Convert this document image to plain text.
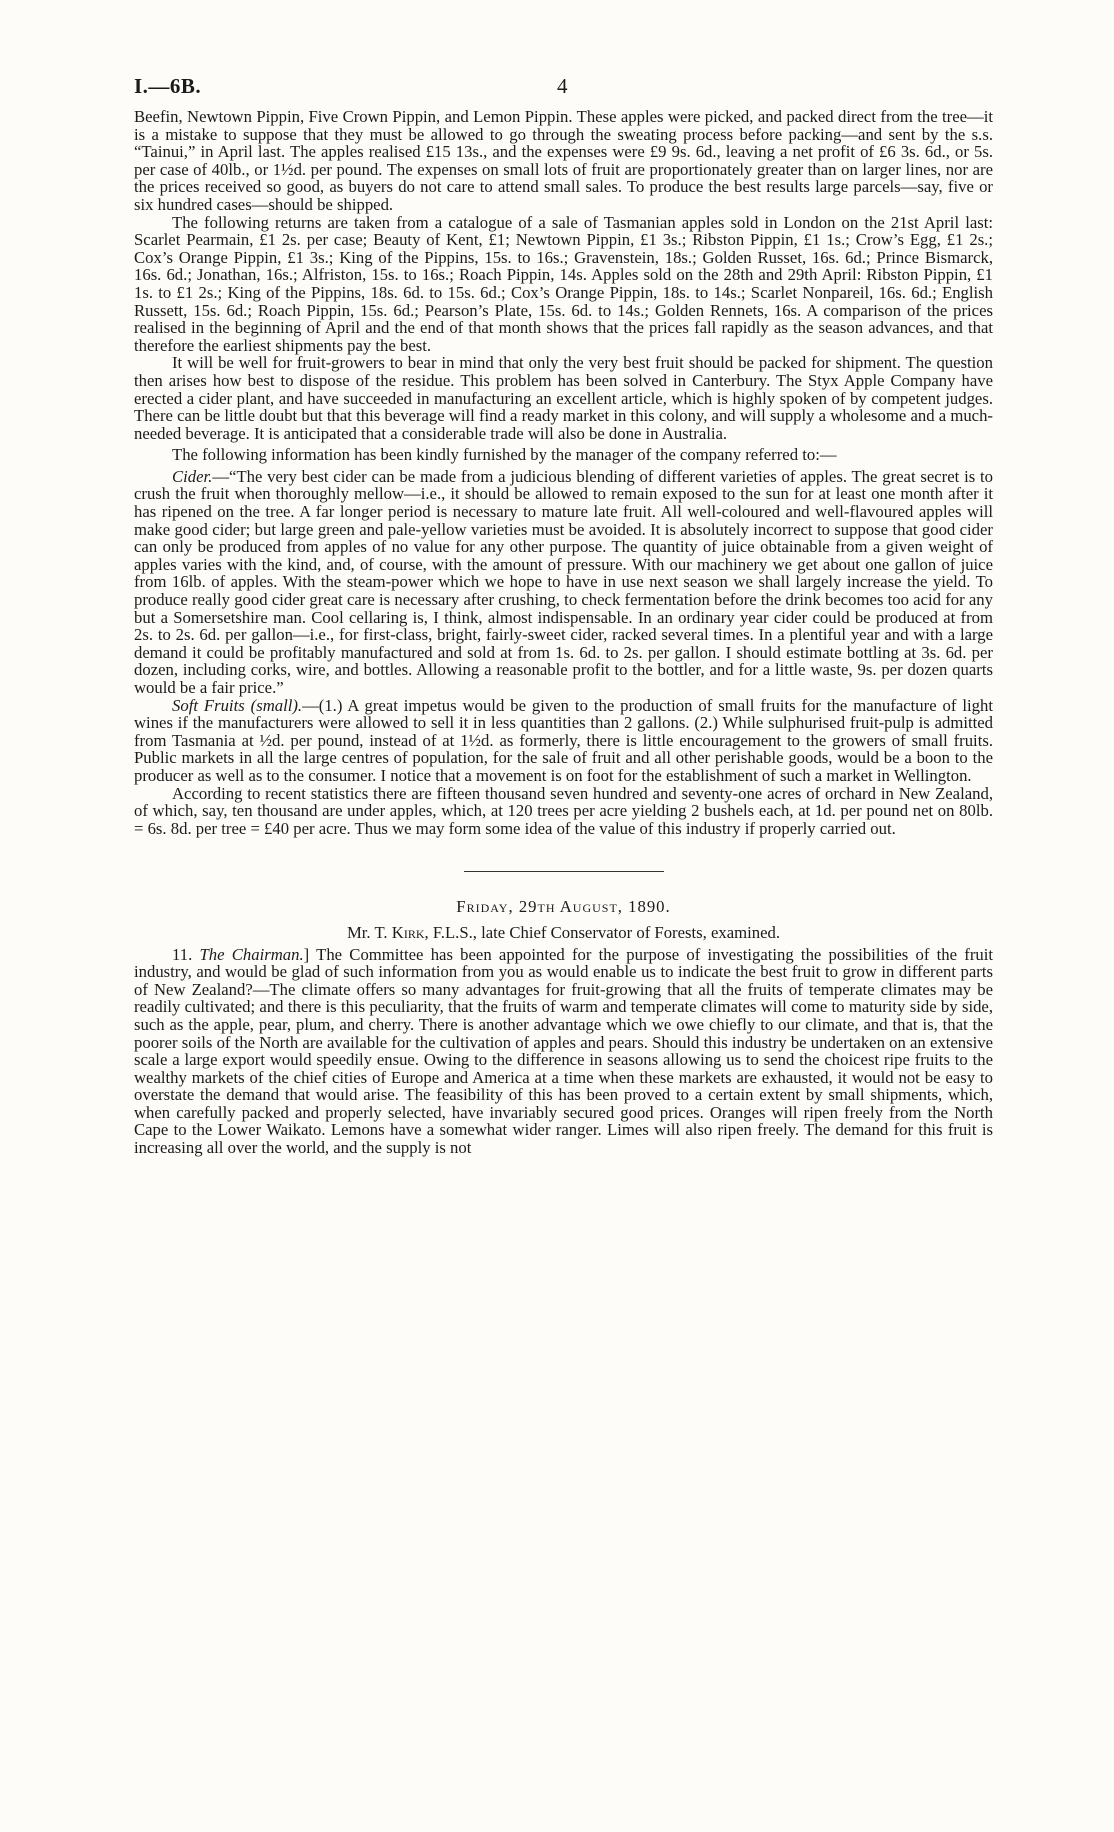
I.—6B.	4

Beefin, Newtown Pippin, Five Crown Pippin, and Lemon Pippin. These apples were picked, and packed direct from the tree—it is a mistake to suppose that they must be allowed to go through the sweating process before packing—and sent by the s.s. “Tainui,” in April last. The apples realised £15 13s., and the expenses were £9 9s. 6d., leaving a net profit of £6 3s. 6d., or 5s. per case of 40lb., or 1½d. per pound. The expenses on small lots of fruit are proportionately greater than on larger lines, nor are the prices received so good, as buyers do not care to attend small sales. To produce the best results large parcels—say, five or six hundred cases—should be shipped.

The following returns are taken from a catalogue of a sale of Tasmanian apples sold in London on the 21st April last: Scarlet Pearmain, £1 2s. per case; Beauty of Kent, £1; Newtown Pippin, £1 3s.; Ribston Pippin, £1 1s.; Crow’s Egg, £1 2s.; Cox’s Orange Pippin, £1 3s.; King of the Pippins, 15s. to 16s.; Gravenstein, 18s.; Golden Russet, 16s. 6d.; Prince Bismarck, 16s. 6d.; Jonathan, 16s.; Alfriston, 15s. to 16s.; Roach Pippin, 14s. Apples sold on the 28th and 29th April: Ribston Pippin, £1 1s. to £1 2s.; King of the Pippins, 18s. 6d. to 15s. 6d.; Cox’s Orange Pippin, 18s. to 14s.; Scarlet Nonpareil, 16s. 6d.; English Russett, 15s. 6d.; Roach Pippin, 15s. 6d.; Pearson’s Plate, 15s. 6d. to 14s.; Golden Rennets, 16s. A comparison of the prices realised in the beginning of April and the end of that month shows that the prices fall rapidly as the season advances, and that therefore the earliest shipments pay the best.

It will be well for fruit-growers to bear in mind that only the very best fruit should be packed for shipment. The question then arises how best to dispose of the residue. This problem has been solved in Canterbury. The Styx Apple Company have erected a cider plant, and have succeeded in manufacturing an excellent article, which is highly spoken of by competent judges. There can be little doubt but that this beverage will find a ready market in this colony, and will supply a wholesome and a much-needed beverage. It is anticipated that a considerable trade will also be done in Australia.

The following information has been kindly furnished by the manager of the company referred to:—

Cider.—“The very best cider can be made from a judicious blending of different varieties of apples. The great secret is to crush the fruit when thoroughly mellow—i.e., it should be allowed to remain exposed to the sun for at least one month after it has ripened on the tree. A far longer period is necessary to mature late fruit. All well-coloured and well-flavoured apples will make good cider; but large green and pale-yellow varieties must be avoided. It is absolutely incorrect to suppose that good cider can only be produced from apples of no value for any other purpose. The quantity of juice obtainable from a given weight of apples varies with the kind, and, of course, with the amount of pressure. With our machinery we get about one gallon of juice from 16lb. of apples. With the steam-power which we hope to have in use next season we shall largely increase the yield. To produce really good cider great care is necessary after crushing, to check fermentation before the drink becomes too acid for any but a Somersetshire man. Cool cellaring is, I think, almost indispensable. In an ordinary year cider could be produced at from 2s. to 2s. 6d. per gallon—i.e., for first-class, bright, fairly-sweet cider, racked several times. In a plentiful year and with a large demand it could be profitably manufactured and sold at from 1s. 6d. to 2s. per gallon. I should estimate bottling at 3s. 6d. per dozen, including corks, wire, and bottles. Allowing a reasonable profit to the bottler, and for a little waste, 9s. per dozen quarts would be a fair price.”

Soft Fruits (small).—(1.) A great impetus would be given to the production of small fruits for the manufacture of light wines if the manufacturers were allowed to sell it in less quantities than 2 gallons. (2.) While sulphurised fruit-pulp is admitted from Tasmania at ½d. per pound, instead of at 1½d. as formerly, there is little encouragement to the growers of small fruits. Public markets in all the large centres of population, for the sale of fruit and all other perishable goods, would be a boon to the producer as well as to the consumer. I notice that a movement is on foot for the establishment of such a market in Wellington.

According to recent statistics there are fifteen thousand seven hundred and seventy-one acres of orchard in New Zealand, of which, say, ten thousand are under apples, which, at 120 trees per acre yielding 2 bushels each, at 1d. per pound net on 80lb. = 6s. 8d. per tree = £40 per acre. Thus we may form some idea of the value of this industry if properly carried out.

Friday, 29th August, 1890.

Mr. T. Kirk, F.L.S., late Chief Conservator of Forests, examined.

11. The Chairman.] The Committee has been appointed for the purpose of investigating the possibilities of the fruit industry, and would be glad of such information from you as would enable us to indicate the best fruit to grow in different parts of New Zealand?—The climate offers so many advantages for fruit-growing that all the fruits of temperate climates may be readily cultivated; and there is this peculiarity, that the fruits of warm and temperate climates will come to maturity side by side, such as the apple, pear, plum, and cherry. There is another advantage which we owe chiefly to our climate, and that is, that the poorer soils of the North are available for the cultivation of apples and pears. Should this industry be undertaken on an extensive scale a large export would speedily ensue. Owing to the difference in seasons allowing us to send the choicest ripe fruits to the wealthy markets of the chief cities of Europe and America at a time when these markets are exhausted, it would not be easy to overstate the demand that would arise. The feasibility of this has been proved to a certain extent by small shipments, which, when carefully packed and properly selected, have invariably secured good prices. Oranges will ripen freely from the North Cape to the Lower Waikato. Lemons have a somewhat wider ranger. Limes will also ripen freely. The demand for this fruit is increasing all over the world, and the supply is not
